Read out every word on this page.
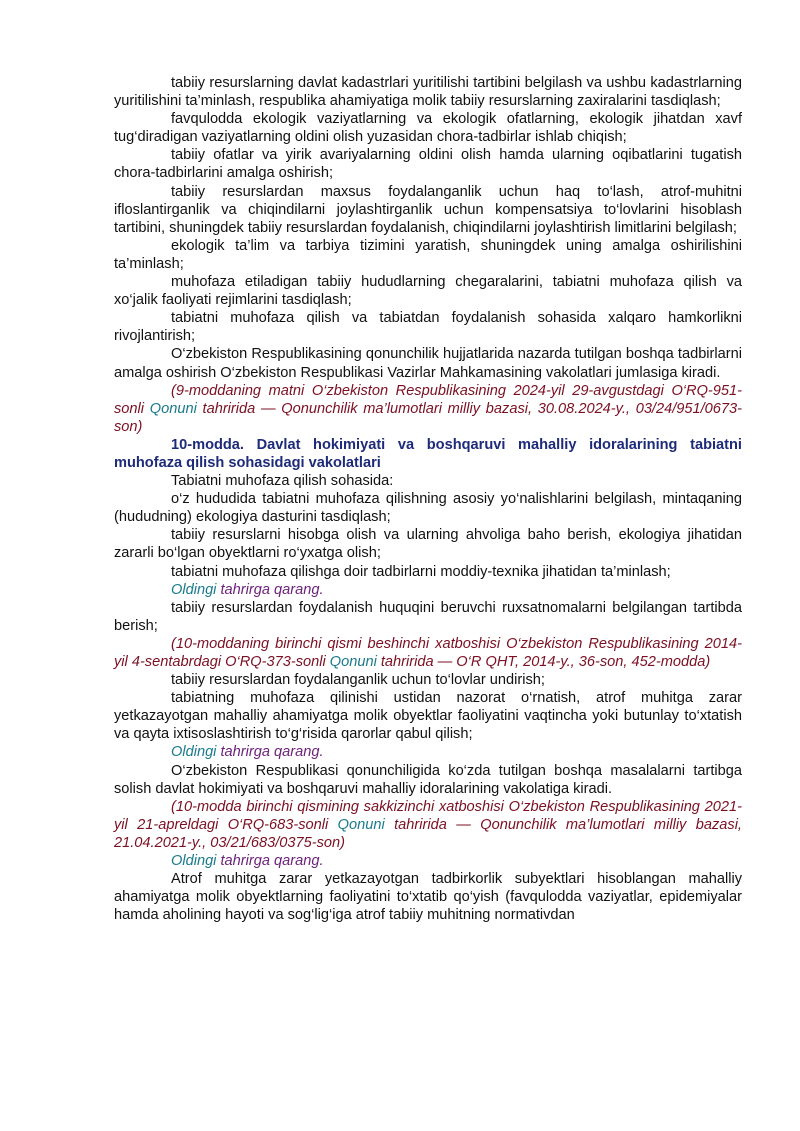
tabiiy resurslarning davlat kadastrlari yuritilishi tartibini belgilash va ushbu kadastrlarning yuritilishini ta’minlash, respublika ahamiyatiga molik tabiiy resurslarning zaxiralarini tasdiqlash;

favqulodda ekologik vaziyatlarning va ekologik ofatlarning, ekologik jihatdan xavf tug‘diradigan vaziyatlarning oldini olish yuzasidan chora-tadbirlar ishlab chiqish;

tabiiy ofatlar va yirik avariyalarning oldini olish hamda ularning oqibatlarini tugatish chora-tadbirlarini amalga oshirish;

tabiiy resurslardan maxsus foydalanganlik uchun haq to‘lash, atrof-muhitni ifloslantirganlik va chiqindilarni joylashtirganlik uchun kompensatsiya to‘lovlarini hisoblash tartibini, shuningdek tabiiy resurslardan foydalanish, chiqindilarni joylashtirish limitlarini belgilash;

ekologik ta’lim va tarbiya tizimini yaratish, shuningdek uning amalga oshirilishini ta’minlash;

muhofaza etiladigan tabiiy hududlarning chegaralarini, tabiatni muhofaza qilish va xo‘jalik faoliyati rejimlarini tasdiqlash;

tabiatni muhofaza qilish va tabiatdan foydalanish sohasida xalqaro hamkorlikni rivojlantirish;

O‘zbekiston Respublikasining qonunchilik hujjatlarida nazarda tutilgan boshqa tadbirlarni amalga oshirish O‘zbekiston Respublikasi Vazirlar Mahkamasining vakolatlari jumlasiga kiradi.

(9-moddaning matni O‘zbekiston Respublikasining 2024-yil 29-avgustdagi O‘RQ-951-sonli Qonuni tahririda — Qonunchilik ma’lumotlari milliy bazasi, 30.08.2024-y., 03/24/951/0673-son)

10-modda. Davlat hokimiyati va boshqaruvi mahalliy idoralarining tabiatni muhofaza qilish sohasidagi vakolatlari

Tabiatni muhofaza qilish sohasida:

o‘z hududida tabiatni muhofaza qilishning asosiy yo‘nalishlarini belgilash, mintaqaning (hududning) ekologiya dasturini tasdiqlash;

tabiiy resurslarni hisobga olish va ularning ahvoliga baho berish, ekologiya jihatidan zararli bo‘lgan obyektlarni ro‘yxatga olish;

tabiatni muhofaza qilishga doir tadbirlarni moddiy-texnika jihatidan ta’minlash;

Oldingi tahrirga qarang.

tabiiy resurslardan foydalanish huquqini beruvchi ruxsatnomalarni belgilangan tartibda berish;

(10-moddaning birinchi qismi beshinchi xatboshisi O‘zbekiston Respublikasining 2014-yil 4-sentabrdagi O‘RQ-373-sonli Qonuni tahririda — O‘R QHT, 2014-y., 36-son, 452-modda)

tabiiy resurslardan foydalanganlik uchun to‘lovlar undirish;

tabiatning muhofaza qilinishi ustidan nazorat o‘rnatish, atrof muhitga zarar yetkazayotgan mahalliy ahamiyatga molik obyektlar faoliyatini vaqtincha yoki butunlay to‘xtatish va qayta ixtisoslashtirish to‘g‘risida qarorlar qabul qilish;

Oldingi tahrirga qarang.

O‘zbekiston Respublikasi qonunchiligida ko‘zda tutilgan boshqa masalalarni tartibga solish davlat hokimiyati va boshqaruvi mahalliy idoralarining vakolatiga kiradi.

(10-modda birinchi qismining sakkizinchi xatboshisi O‘zbekiston Respublikasining 2021-yil 21-apreldagi O‘RQ-683-sonli Qonuni tahririda — Qonunchilik ma’lumotlari milliy bazasi, 21.04.2021-y., 03/21/683/0375-son)

Oldingi tahrirga qarang.

Atrof muhitga zarar yetkazayotgan tadbirkorlik subyektlari hisoblangan mahalliy ahamiyatga molik obyektlarning faoliyatini to‘xtatib qo‘yish (favqulodda vaziyatlar, epidemiyalar hamda aholining hayoti va sog‘lig‘iga atrof tabiiy muhitning normativdan
